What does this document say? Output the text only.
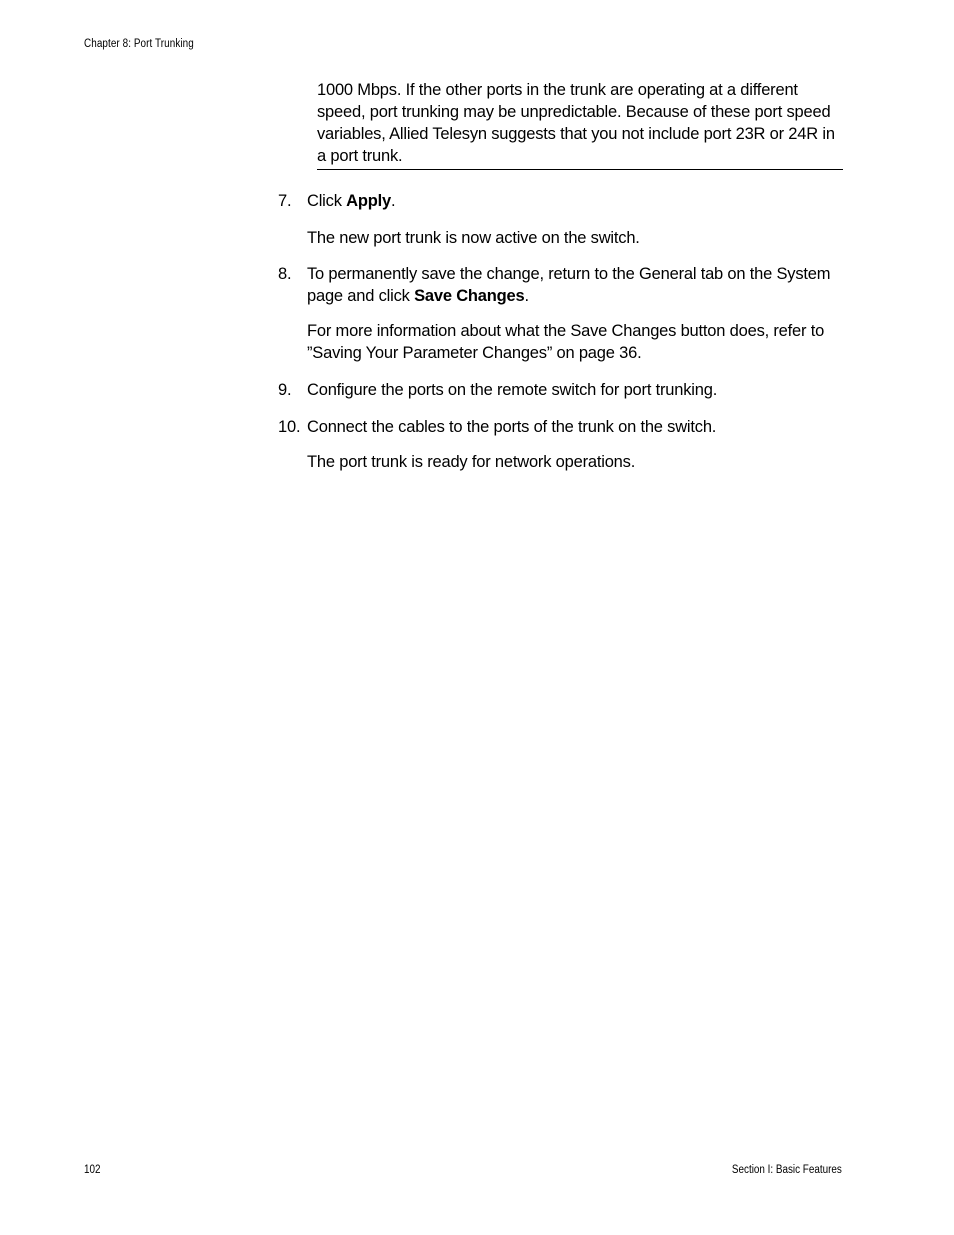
Chapter 8: Port Trunking

1000 Mbps. If the other ports in the trunk are operating at a different speed, port trunking may be unpredictable. Because of these port speed variables, Allied Telesyn suggests that you not include port 23R or 24R in a port trunk.

7. Click Apply.
The new port trunk is now active on the switch.
8. To permanently save the change, return to the General tab on the System page and click Save Changes.
For more information about what the Save Changes button does, refer to ”Saving Your Parameter Changes” on page 36.
9. Configure the ports on the remote switch for port trunking.
10. Connect the cables to the ports of the trunk on the switch.
The port trunk is ready for network operations.
102	Section I: Basic Features
